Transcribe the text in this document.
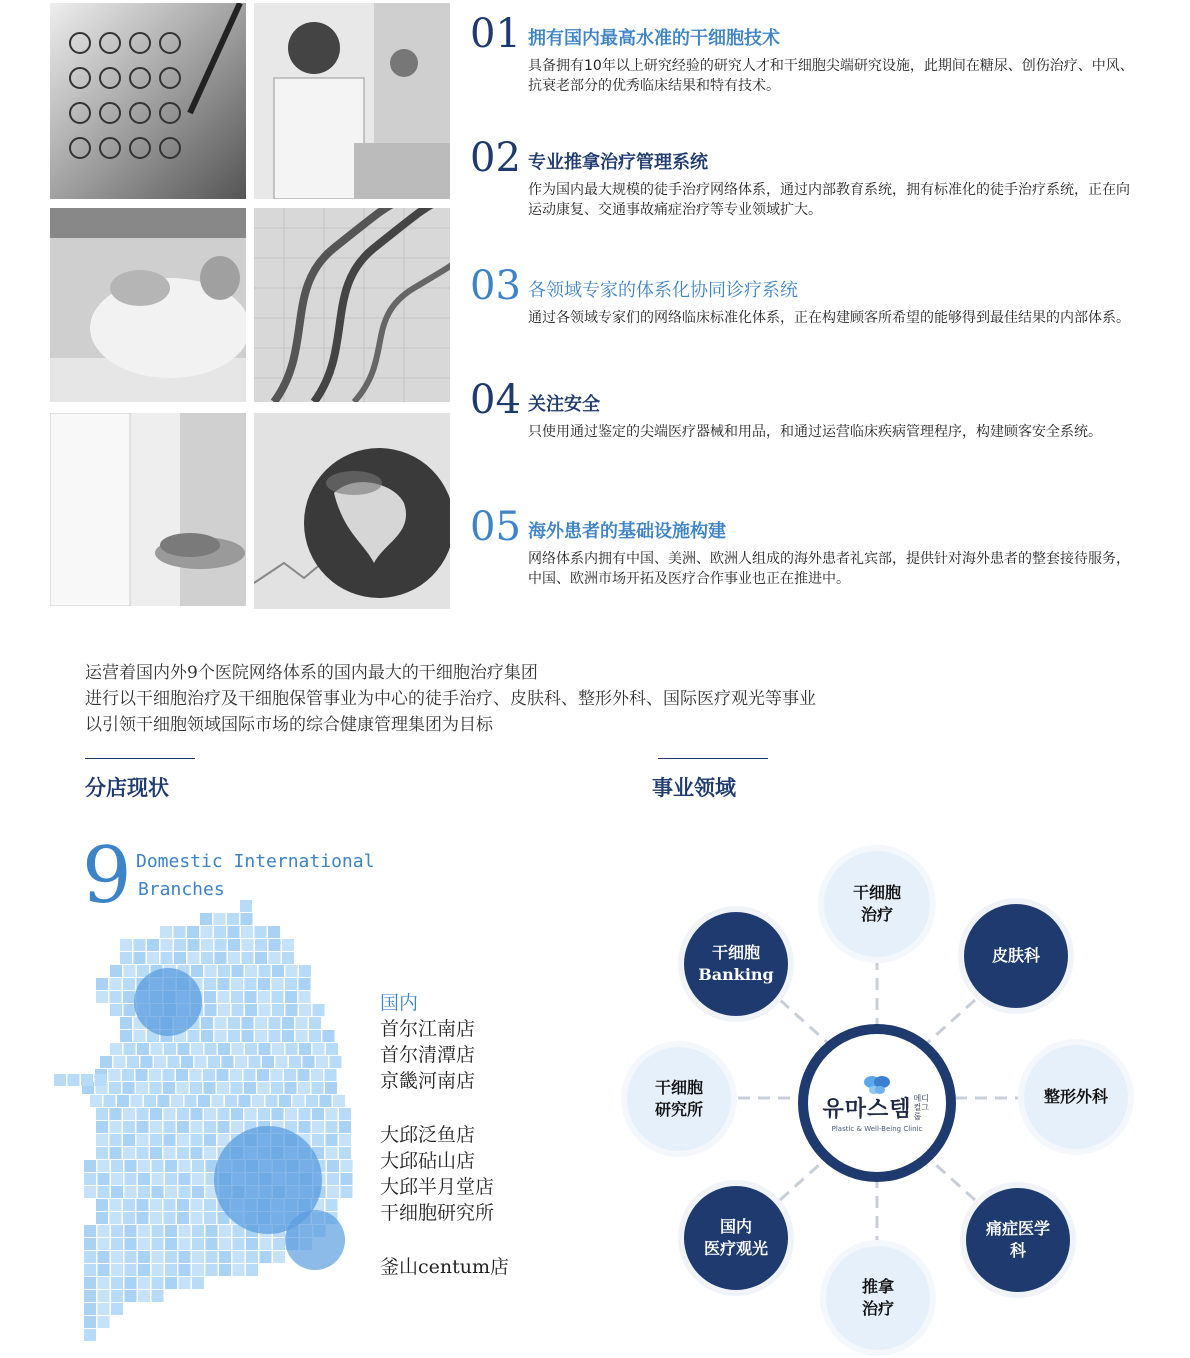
01 拥有国内最高水准的干细胞技术
具备拥有10年以上研究经验的研究人才和干细胞尖端研究设施，此期间在糖尿、创伤治疗、中风、抗衰老部分的优秀临床结果和特有技术。
02 专业推拿治疗管理系统
作为国内最大规模的徒手治疗网络体系，通过内部教育系统，拥有标准化的徒手治疗系统，正在向运动康复、交通事故痛症治疗等专业领域扩大。
03 各领域专家的体系化协同诊疗系统
通过各领域专家们的网络临床标准化体系，正在构建顾客所希望的能够得到最佳结果的内部体系。
04 关注安全
只使用通过鉴定的尖端医疗器械和用品，和通过运营临床疾病管理程序，构建顾客安全系统。
05 海外患者的基础设施构建
网络体系内拥有中国、美洲、欧洲人组成的海外患者礼宾部，提供针对海外患者的整套接待服务，中国、欧洲市场开拓及医疗合作事业也正在推进中。
运营着国内外9个医院网络体系的国内最大的干细胞治疗集团
进行以干细胞治疗及干细胞保管事业为中心的徒手治疗、皮肤科、整形外科、国际医疗观光等事业
以引领干细胞领域国际市场的综合健康管理集团为目标
分店现状	事业领域
9 Domestic International
Branches
国内
首尔江南店
首尔清潭店
京畿河南店
大邱泛鱼店
大邱砧山店
大邱半月堂店
干细胞研究所
釜山centum店
干细胞
治疗
干细胞
Banking
皮肤科
干细胞
研究所
整形外科
国内
医疗观光
痛症医学
科
推拿
治疗
유마스템 메디컬그룹
Plastic & Well-Being Clinic
